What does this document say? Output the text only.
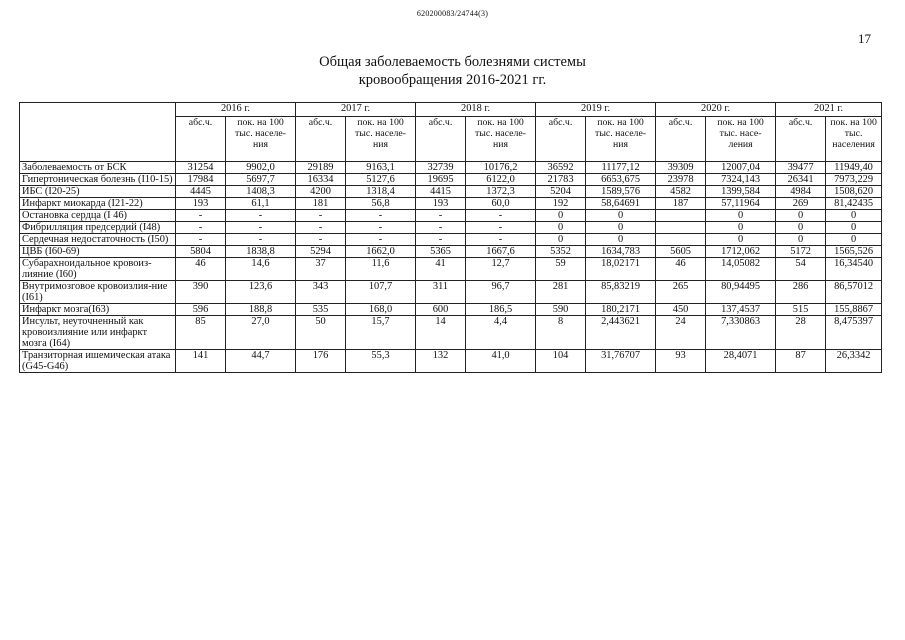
620200083/24744(3)
17
Общая заболеваемость болезнями системы
кровообращения 2016-2021 гг.
	2016 г.		2017 г.		2018 г.		2019 г.		2020 г.		2021 г.	
	абс.ч.	пок. на 100 тыс. населе-ния	абс.ч.	пок. на 100 тыс. населе-ния	абс.ч.	пок. на 100 тыс. населе-ния	абс.ч.	пок. на 100 тыс. населе-ния	абс.ч.	пок. на 100 тыс. насе-ления	абс.ч.	пок. на 100 тыс. населения
Заболеваемость от БСК	31254	9902,0	29189	9163,1	32739	10176,2	36592	11177,12	39309	12007,04	39477	11949,40
Гипертоническая болезнь (I10-15)	17984	5697,7	16334	5127,6	19695	6122,0	21783	6653,675	23978	7324,143	26341	7973,229
ИБС (I20-25)	4445	1408,3	4200	1318,4	4415	1372,3	5204	1589,576	4582	1399,584	4984	1508,620
Инфаркт миокарда (I21-22)	193	61,1	181	56,8	193	60,0	192	58,64691	187	57,11964	269	81,42435
Остановка сердца (I 46)	-	-	-	-	-	-	0	0		0	0	0
Фибрилляция предсердий (I48)	-	-	-	-	-	-	0	0		0	0	0
Сердечная недостаточность (I50)	-	-	-	-	-	-	0	0		0	0	0
ЦВБ (I60-69)	5804	1838,8	5294	1662,0	5365	1667,6	5352	1634,783	5605	1712,062	5172	1565,526
Субарахноидальное кровоиз-лияние (I60)	46	14,6	37	11,6	41	12,7	59	18,02171	46	14,05082	54	16,34540
Внутримозговое кровоизлия-ние (I61)	390	123,6	343	107,7	311	96,7	281	85,83219	265	80,94495	286	86,57012
Инфаркт мозга(I63)	596	188,8	535	168,0	600	186,5	590	180,2171	450	137,4537	515	155,8867
Инсульт, неуточненный как кровоизлияние или инфаркт мозга (I64)	85	27,0	50	15,7	14	4,4	8	2,443621	24	7,330863	28	8,475397
Транзиторная ишемическая атака (G45-G46)	141	44,7	176	55,3	132	41,0	104	31,76707	93	28,4071	87	26,3342
